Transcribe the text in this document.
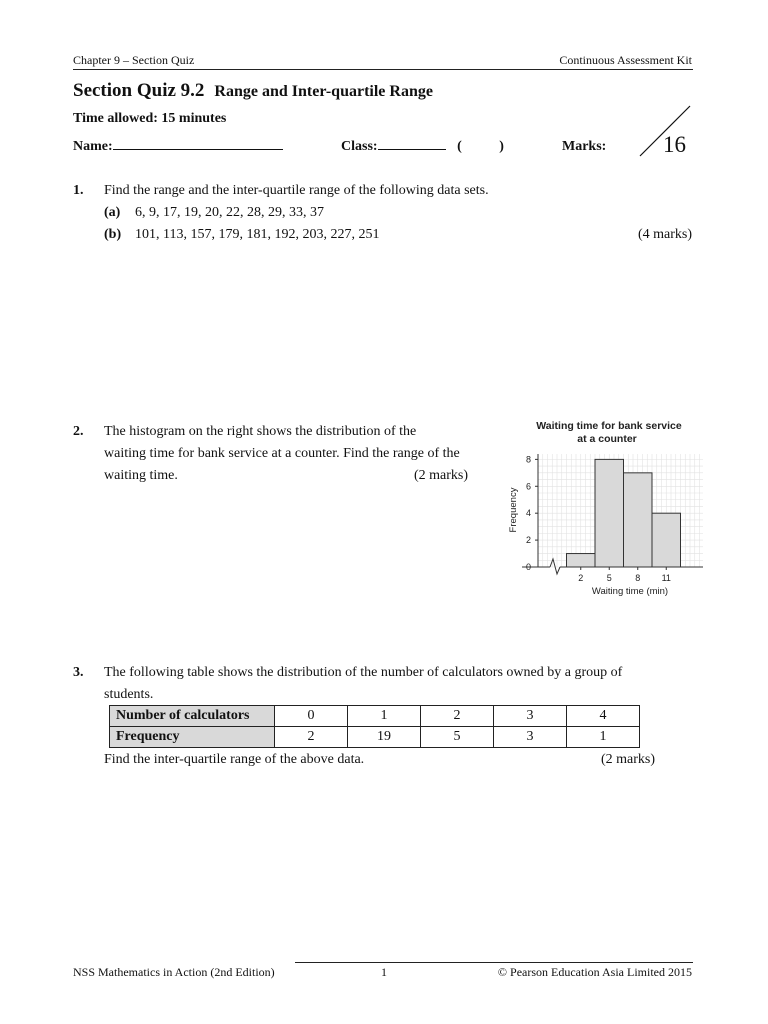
Chapter 9 – Section Quiz	Continuous Assessment Kit
Section Quiz 9.2 Range and Inter-quartile Range
Time allowed: 15 minutes
Name:	Class:	(	)	Marks: 16
1. Find the range and the inter-quartile range of the following data sets.
(a) 6, 9, 17, 19, 20, 22, 28, 29, 33, 37
(b) 101, 113, 157, 179, 181, 192, 203, 227, 251	(4 marks)
2. The histogram on the right shows the distribution of the
waiting time for bank service at a counter. Find the range of the
waiting time.	(2 marks)
Waiting time for bank service
at a counter
0
2
4
6
8
2	5	8 11
Waiting time (min)
Frequency
3. The following table shows the distribution of the number of calculators owned by a group of
students.
Number of calculators	0	1	2	3	4
Frequency	2	19	5	3	1
Find the inter-quartile range of the above data.	(2 marks)
NSS Mathematics in Action (2nd Edition)	1	© Pearson Education Asia Limited 2015
